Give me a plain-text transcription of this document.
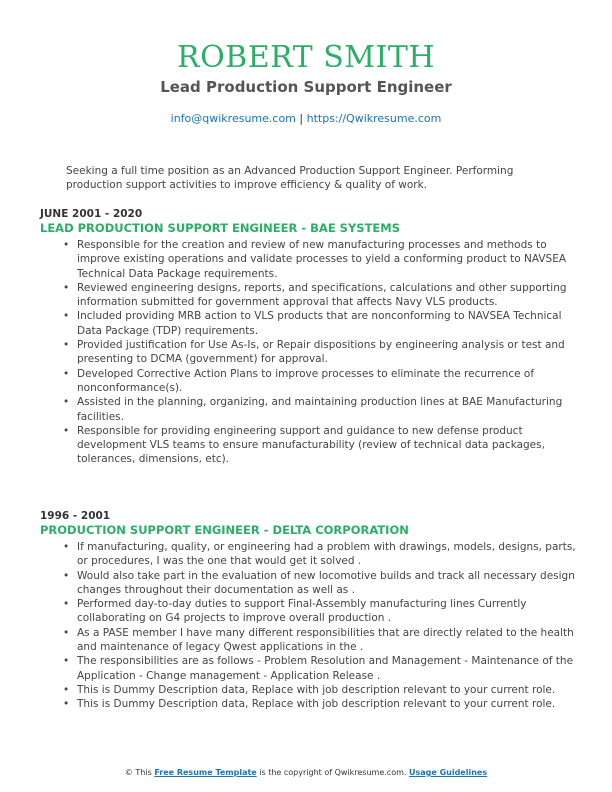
ROBERT SMITH
Lead Production Support Engineer
info@qwikresume.com | https://Qwikresume.com
Seeking a full time position as an Advanced Production Support Engineer. Performing production support activities to improve efficiency & quality of work.
JUNE 2001 - 2020
LEAD PRODUCTION SUPPORT ENGINEER - BAE SYSTEMS
• Responsible for the creation and review of new manufacturing processes and methods to improve existing operations and validate processes to yield a conforming product to NAVSEA Technical Data Package requirements.
• Reviewed engineering designs, reports, and specifications, calculations and other supporting information submitted for government approval that affects Navy VLS products.
• Included providing MRB action to VLS products that are nonconforming to NAVSEA Technical Data Package (TDP) requirements.
• Provided justification for Use As-Is, or Repair dispositions by engineering analysis or test and presenting to DCMA (government) for approval.
• Developed Corrective Action Plans to improve processes to eliminate the recurrence of nonconformance(s).
• Assisted in the planning, organizing, and maintaining production lines at BAE Manufacturing facilities.
• Responsible for providing engineering support and guidance to new defense product development VLS teams to ensure manufacturability (review of technical data packages, tolerances, dimensions, etc).
1996 - 2001
PRODUCTION SUPPORT ENGINEER - DELTA CORPORATION
• If manufacturing, quality, or engineering had a problem with drawings, models, designs, parts, or procedures, I was the one that would get it solved .
• Would also take part in the evaluation of new locomotive builds and track all necessary design changes throughout their documentation as well as .
• Performed day-to-day duties to support Final-Assembly manufacturing lines Currently collaborating on G4 projects to improve overall production .
• As a PASE member I have many different responsibilities that are directly related to the health and maintenance of legacy Qwest applications in the .
• The responsibilities are as follows - Problem Resolution and Management - Maintenance of the Application - Change management - Application Release .
• This is Dummy Description data, Replace with job description relevant to your current role.
• This is Dummy Description data, Replace with job description relevant to your current role.
© This Free Resume Template is the copyright of Qwikresume.com. Usage Guidelines
